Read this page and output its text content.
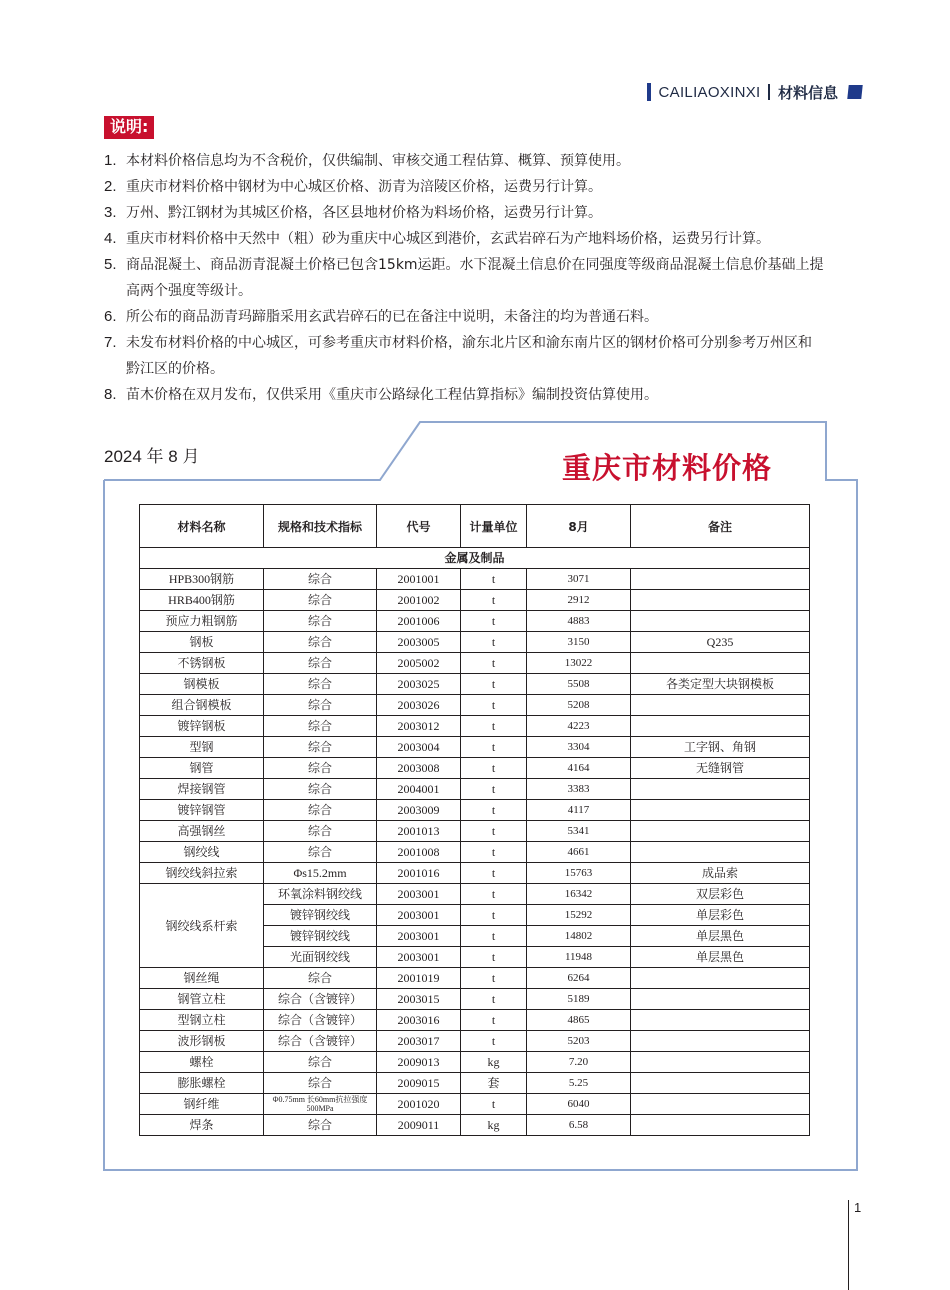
CAILIAOXINXI 材料信息
说明:
1. 本材料价格信息均为不含税价，仅供编制、审核交通工程估算、概算、预算使用。
2. 重庆市材料价格中钢材为中心城区价格、沥青为涪陵区价格，运费另行计算。
3. 万州、黔江钢材为其城区价格，各区县地材价格为料场价格，运费另行计算。
4. 重庆市材料价格中天然中（粗）砂为重庆中心城区到港价，玄武岩碎石为产地料场价格，运费另行计算。
5. 商品混凝土、商品沥青混凝土价格已包含15km运距。水下混凝土信息价在同强度等级商品混凝土信息价基础上提高两个强度等级计。
6. 所公布的商品沥青玛蹄脂采用玄武岩碎石的已在备注中说明，未备注的均为普通石料。
7. 未发布材料价格的中心城区，可参考重庆市材料价格，渝东北片区和渝东南片区的钢材价格可分别参考万州区和黔江区的价格。
8. 苗木价格在双月发布，仅供采用《重庆市公路绿化工程估算指标》编制投资估算使用。
2024 年 8 月	重庆市材料价格
材料名称	规格和技术指标	代号	计量单位	8月	备注
金属及制品					
HPB300钢筋	综合	2001001	t	3071	
HRB400钢筋	综合	2001002	t	2912	
预应力粗钢筋	综合	2001006	t	4883	
钢板	综合	2003005	t	3150	Q235
不锈钢板	综合	2005002	t	13022	
钢模板	综合	2003025	t	5508	各类定型大块钢模板
组合钢模板	综合	2003026	t	5208	
镀锌钢板	综合	2003012	t	4223	
型钢	综合	2003004	t	3304	工字钢、角钢
钢管	综合	2003008	t	4164	无缝钢管
焊接钢管	综合	2004001	t	3383	
镀锌钢管	综合	2003009	t	4117	
高强钢丝	综合	2001013	t	5341	
钢绞线	综合	2001008	t	4661	
钢绞线斜拉索	Φs15.2mm	2001016	t	15763	成品索
钢绞线系杆索	环氧涂料钢绞线	2003001	t	16342	双层彩色
	镀锌钢绞线	2003001	t	15292	单层彩色
	镀锌钢绞线	2003001	t	14802	单层黑色
	光面钢绞线	2003001	t	11948	单层黑色
钢丝绳	综合	2001019	t	6264	
钢管立柱	综合（含镀锌）	2003015	t	5189	
型钢立柱	综合（含镀锌）	2003016	t	4865	
波形钢板	综合（含镀锌）	2003017	t	5203	
螺栓	综合	2009013	kg	7.20	
膨胀螺栓	综合	2009015	套	5.25	
钢纤维	Φ0.75mm 长60mm抗拉强度500MPa	2001020	t	6040	
焊条	综合	2009011	kg	6.58	
1
